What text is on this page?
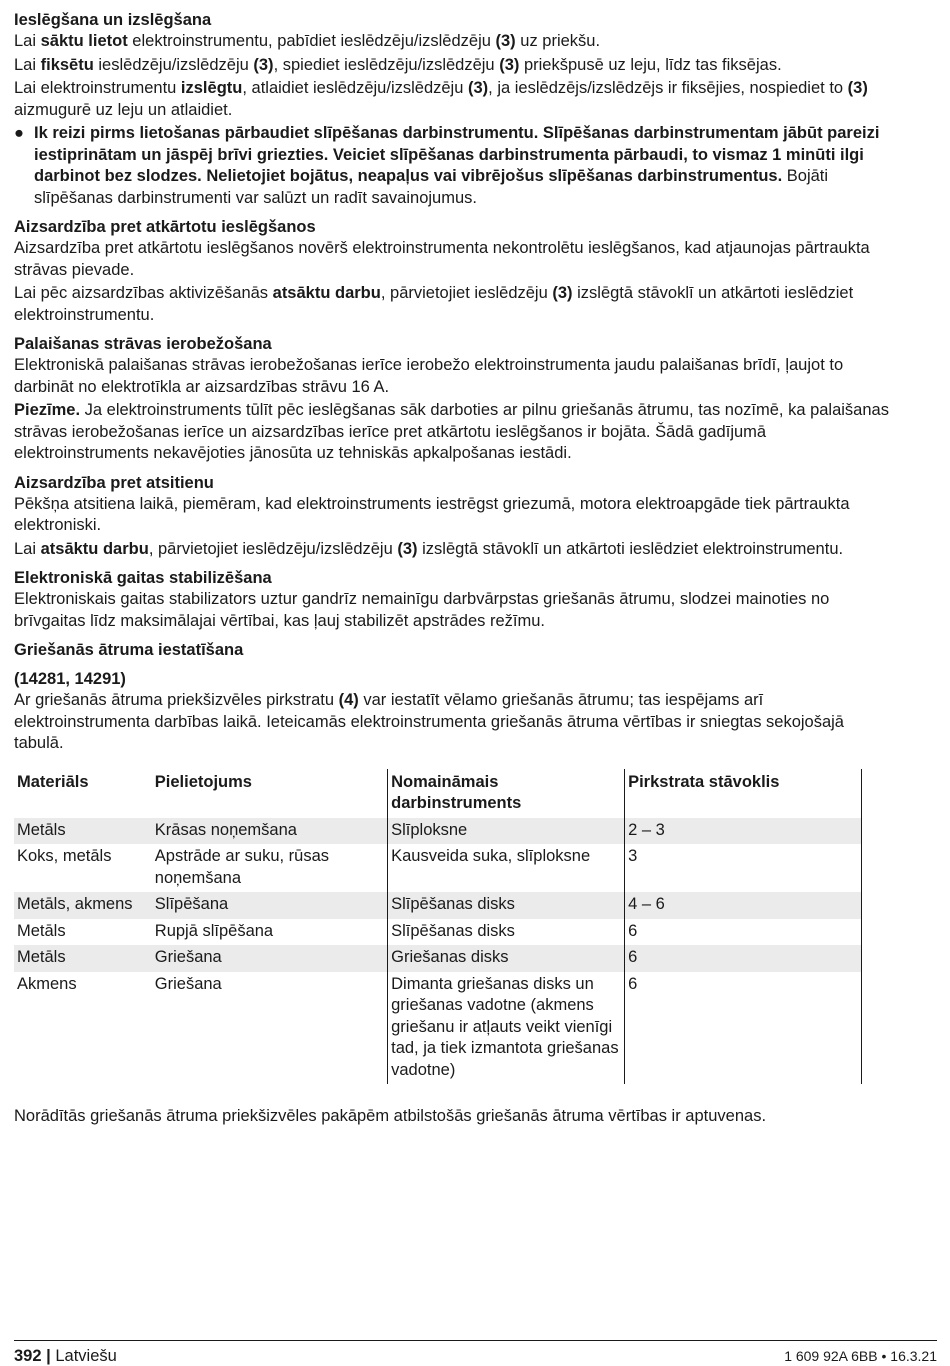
Ieslēgšana un izslēgšana

Lai sāktu lietot elektroinstrumentu, pabīdiet ieslēdzēju/izslēdzēju (3) uz priekšu.

Lai fiksētu ieslēdzēju/izslēdzēju (3), spiediet ieslēdzēju/izslēdzēju (3) priekšpusē uz leju, līdz tas fiksējas.

Lai elektroinstrumentu izslēgtu, atlaidiet ieslēdzēju/izslēdzēju (3), ja ieslēdzējs/izslēdzējs ir fiksējies, nospiediet to (3) aizmugurē uz leju un atlaidiet.

● Ik reizi pirms lietošanas pārbaudiet slīpēšanas darbinstrumentu. Slīpēšanas darbinstrumentam jābūt pareizi iestiprinātam un jāspēj brīvi griezties. Veiciet slīpēšanas darbinstrumenta pārbaudi, to vismaz 1 minūti ilgi darbinot bez slodzes. Nelietojiet bojātus, neapaļus vai vibrējošus slīpēšanas darbinstrumentus. Bojāti slīpēšanas darbinstrumenti var salūzt un radīt savainojumus.
Aizsardzība pret atkārtotu ieslēgšanos

Aizsardzība pret atkārtotu ieslēgšanos novērš elektroinstrumenta nekontrolētu ieslēgšanos, kad atjaunojas pārtraukta strāvas pievade.

Lai pēc aizsardzības aktivizēšanās atsāktu darbu, pārvietojiet ieslēdzēju (3) izslēgtā stāvoklī un atkārtoti ieslēdziet elektroinstrumentu.

Palaišanas strāvas ierobežošana

Elektroniskā palaišanas strāvas ierobežošanas ierīce ierobežo elektroinstrumenta jaudu palaišanas brīdī, ļaujot to darbināt no elektrotīkla ar aizsardzības strāvu 16 A.

Piezīme. Ja elektroinstruments tūlīt pēc ieslēgšanas sāk darboties ar pilnu griešanās ātrumu, tas nozīmē, ka palaišanas strāvas ierobežošanas ierīce un aizsardzības ierīce pret atkārtotu ieslēgšanos ir bojāta. Šādā gadījumā elektroinstruments nekavējoties jānosūta uz tehniskās apkalpošanas iestādi.

Aizsardzība pret atsitienu

Pēkšņa atsitiena laikā, piemēram, kad elektroinstruments iestrēgst griezumā, motora elektroapgāde tiek pārtraukta elektroniski.

Lai atsāktu darbu, pārvietojiet ieslēdzēju/izslēdzēju (3) izslēgtā stāvoklī un atkārtoti ieslēdziet elektroinstrumentu.

Elektroniskā gaitas stabilizēšana

Elektroniskais gaitas stabilizators uztur gandrīz nemainīgu darbvārpstas griešanās ātrumu, slodzei mainoties no brīvgaitas līdz maksimālajai vērtībai, kas ļauj stabilizēt apstrādes režīmu.

Griešanās ātruma iestatīšana
(14281, 14291)

Ar griešanās ātruma priekšizvēles pirkstratu (4) var iestatīt vēlamo griešanās ātrumu; tas iespējams arī elektroinstrumenta darbības laikā. Ieteicamās elektroinstrumenta griešanās ātruma vērtības ir sniegtas sekojošajā tabulā.

Materiāls	Pielietojums	Nomaināmais darbinstruments	Pirkstrata stāvoklis
Metāls	Krāsas noņemšana	Slīploksne	2 – 3
Koks, metāls	Apstrāde ar suku, rūsas noņemšana	Kausveida suka, slīploksne	3
Metāls, akmens	Slīpēšana	Slīpēšanas disks	4 – 6
Metāls	Rupjā slīpēšana	Slīpēšanas disks	6
Metāls	Griešana	Griešanas disks	6
Akmens	Griešana	Dimanta griešanas disks un griešanas vadotne (akmens griešanu ir atļauts veikt vienīgi tad, ja tiek izmantota griešanas vadotne)	6

Norādītās griešanās ātruma priekšizvēles pakāpēm atbilstošās griešanās ātruma vērtības ir aptuvenas.

392 | Latviešu	1 609 92A 6BB • 16.3.21
